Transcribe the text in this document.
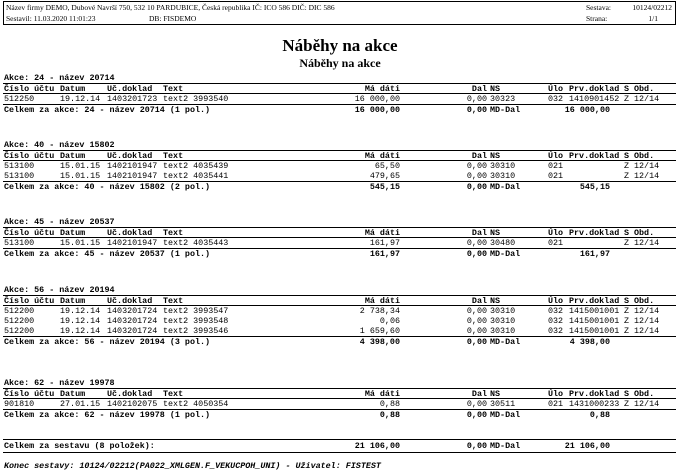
Název firmy DEMO, Dubové Navrší 750, 532 10 PARDUBICE, Česká republika IČ: ICO 586 DIČ: DIC 586
Sestavil: 11.03.2020 11:01:23	DB: FISDEMO
Sestava:	10124/02212
Strana:	1/1
Náběhy na akce
Náběhy na akce
Akce: 24 - název 20714
Číslo účtu Datum	Uč.doklad	Text	Má dáti	Dal NS	Úlo Prv.doklad S Obd.
512250	19.12.14 1403201723 text2 3993540	16 000,00	0,00 30323	032 1410901452 Z 12/14
Celkem za akce: 24 - název 20714 (1 pol.)	16 000,00	0,00 MD-Dal	16 000,00
Akce: 40 - název 15802
Číslo účtu Datum	Uč.doklad	Text	Má dáti	Dal NS	Úlo Prv.doklad S Obd.
513100	15.01.15 1402101947 text2 4035439	65,50	0,00 30310	021	Z 12/14
513100	15.01.15 1402101947 text2 4035441	479,65	0,00 30310	021	Z 12/14
Celkem za akce: 40 - název 15802 (2 pol.)	545,15	0,00 MD-Dal	545,15
Akce: 45 - název 20537
Číslo účtu Datum	Uč.doklad	Text	Má dáti	Dal NS	Úlo Prv.doklad S Obd.
513100	15.01.15 1402101947 text2 4035443	161,97	0,00 30480	021	Z 12/14
Celkem za akce: 45 - název 20537 (1 pol.)	161,97	0,00 MD-Dal	161,97
Akce: 56 - název 20194
Číslo účtu Datum	Uč.doklad	Text	Má dáti	Dal NS	Úlo Prv.doklad S Obd.
512200	19.12.14 1403201724 text2 3993547	2 738,34	0,00 30310	032 1415001001 Z 12/14
512200	19.12.14 1403201724 text2 3993548	0,06	0,00 30310	032 1415001001 Z 12/14
512200	19.12.14 1403201724 text2 3993546	1 659,60	0,00 30310	032 1415001001 Z 12/14
Celkem za akce: 56 - název 20194 (3 pol.)	4 398,00	0,00 MD-Dal	4 398,00
Akce: 62 - název 19978
Číslo účtu Datum	Uč.doklad	Text	Má dáti	Dal NS	Úlo Prv.doklad S Obd.
901810	27.01.15 1402102075 text2 4050354	0,88	0,00 30511	021 1431000233 Z 12/14
Celkem za akce: 62 - název 19978 (1 pol.)	0,88	0,00 MD-Dal	0,88
Celkem za sestavu (8 položek):	21 106,00	0,00 MD-Dal	21 106,00
Konec sestavy: 10124/02212(PA022_XMLGEN.F_VEKUCPOH_UNI) - Uživatel: FISTEST
